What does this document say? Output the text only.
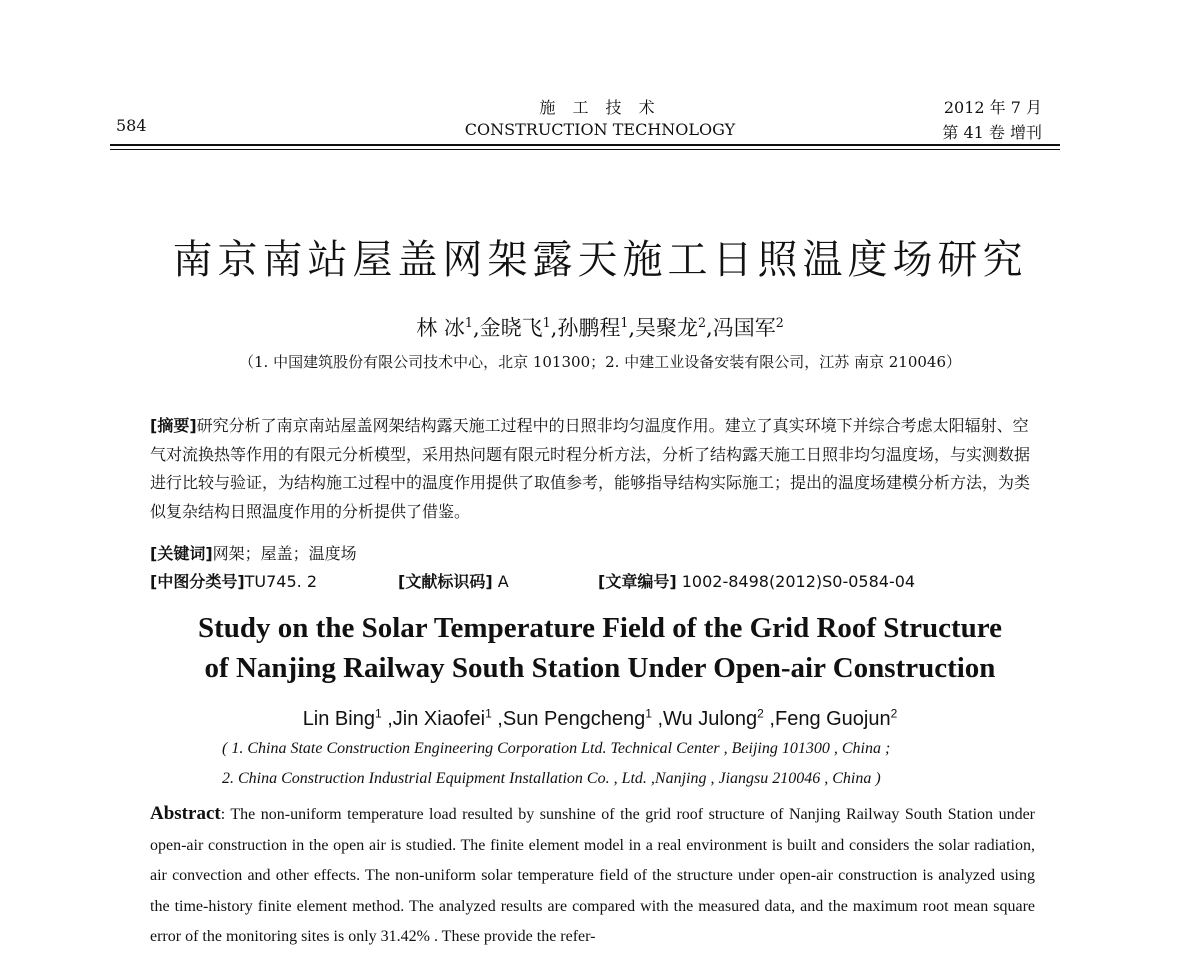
584
施 工 技 术
CONSTRUCTION TECHNOLOGY
2012 年 7 月
第 41 卷 增刊
南京南站屋盖网架露天施工日照温度场研究
林 冰$^1$,金晓飞$^1$,孙鹏程$^1$,吴聚龙$^2$,冯国军$^2$
（1. 中国建筑股份有限公司技术中心，北京 101300；2. 中建工业设备安装有限公司，江苏 南京 210046）
[摘要]研究分析了南京南站屋盖网架结构露天施工过程中的日照非均匀温度作用。建立了真实环境下并综合考虑太阳辐射、空气对流换热等作用的有限元分析模型，采用热问题有限元时程分析方法，分析了结构露天施工日照非均匀温度场，与实测数据进行比较与验证，为结构施工过程中的温度作用提供了取值参考，能够指导结构实际施工；提出的温度场建模分析方法，为类似复杂结构日照温度作用的分析提供了借鉴。
[关键词]网架；屋盖；温度场
[中图分类号]TU745. 2	[文献标识码] A	[文章编号] 1002-8498(2012)S0-0584-04
Study on the Solar Temperature Field of the Grid Roof Structure
of Nanjing Railway South Station Under Open-air Construction
Lin Bing$^1$ ,Jin Xiaofei$^1$ ,Sun Pengcheng$^1$ ,Wu Julong$^2$ ,Feng Guojun$^2$
( 1. China State Construction Engineering Corporation Ltd. Technical Center , Beijing 101300 , China ;
2. China Construction Industrial Equipment Installation Co. , Ltd. ,Nanjing , Jiangsu 210046 , China )
Abstract: The non-uniform temperature load resulted by sunshine of the grid roof structure of Nanjing Railway South Station under open-air construction in the open air is studied. The finite element model in a real environment is built and considers the solar radiation, air convection and other effects. The non-uniform solar temperature field of the structure under open-air construction is analyzed using the time-history finite element method. The analyzed results are compared with the measured data, and the maximum root mean square error of the monitoring sites is only 31.42% . These provide the refer-
